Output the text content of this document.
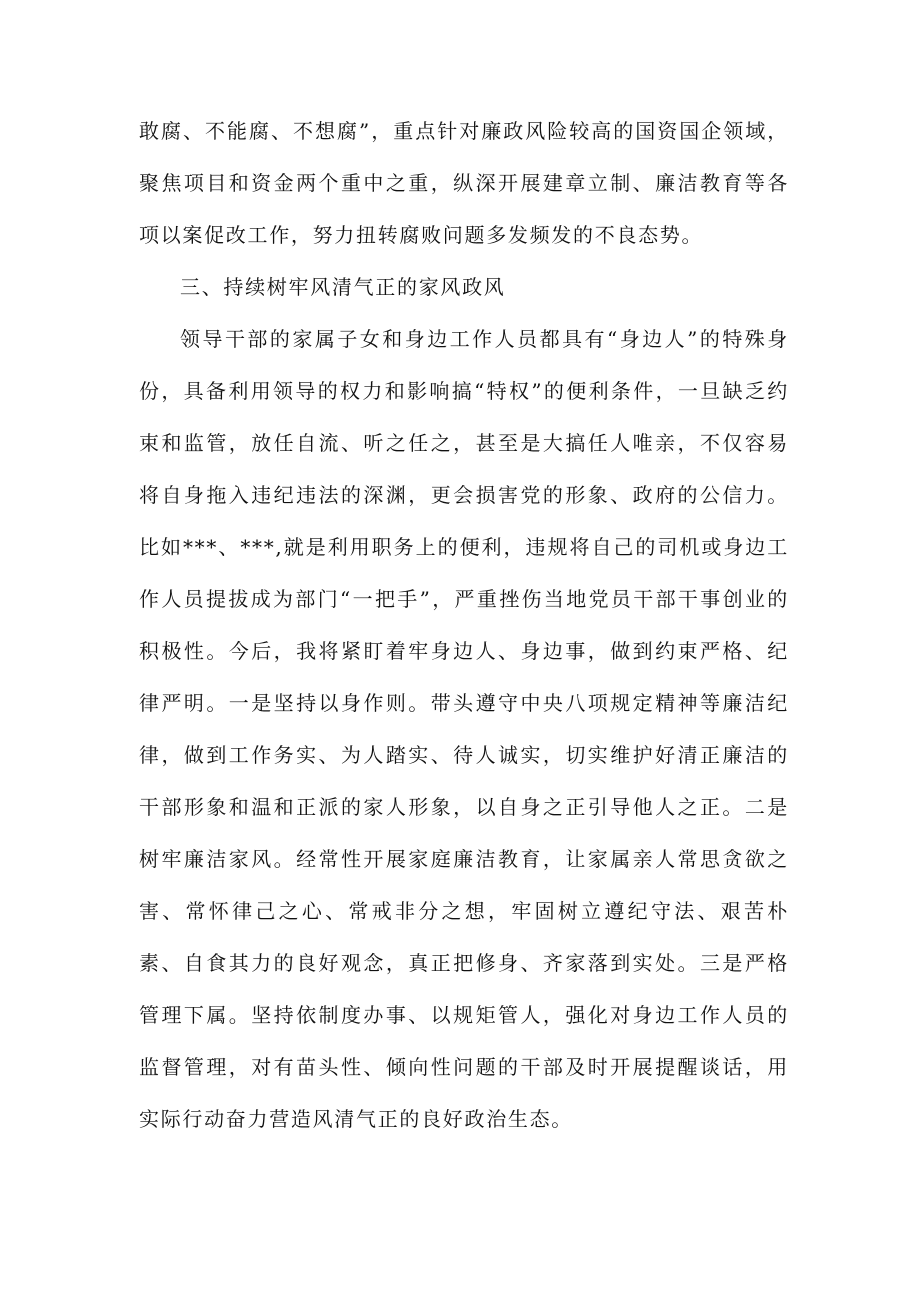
敢腐、不能腐、不想腐”，重点针对廉政风险较高的国资国企领域，聚焦项目和资金两个重中之重，纵深开展建章立制、廉洁教育等各项以案促改工作，努力扭转腐败问题多发频发的不良态势。

三、持续树牢风清气正的家风政风

领导干部的家属子女和身边工作人员都具有“身边人”的特殊身份，具备利用领导的权力和影响搞“特权”的便利条件，一旦缺乏约束和监管，放任自流、听之任之，甚至是大搞任人唯亲，不仅容易将自身拖入违纪违法的深渊，更会损害党的形象、政府的公信力。比如***、***,就是利用职务上的便利，违规将自己的司机或身边工作人员提拔成为部门“一把手”，严重挫伤当地党员干部干事创业的积极性。今后，我将紧盯着牢身边人、身边事，做到约束严格、纪律严明。一是坚持以身作则。带头遵守中央八项规定精神等廉洁纪律，做到工作务实、为人踏实、待人诚实，切实维护好清正廉洁的干部形象和温和正派的家人形象，以自身之正引导他人之正。二是树牢廉洁家风。经常性开展家庭廉洁教育，让家属亲人常思贪欲之害、常怀律己之心、常戒非分之想，牢固树立遵纪守法、艰苦朴素、自食其力的良好观念，真正把修身、齐家落到实处。三是严格管理下属。坚持依制度办事、以规矩管人，强化对身边工作人员的监督管理，对有苗头性、倾向性问题的干部及时开展提醒谈话，用实际行动奋力营造风清气正的良好政治生态。
